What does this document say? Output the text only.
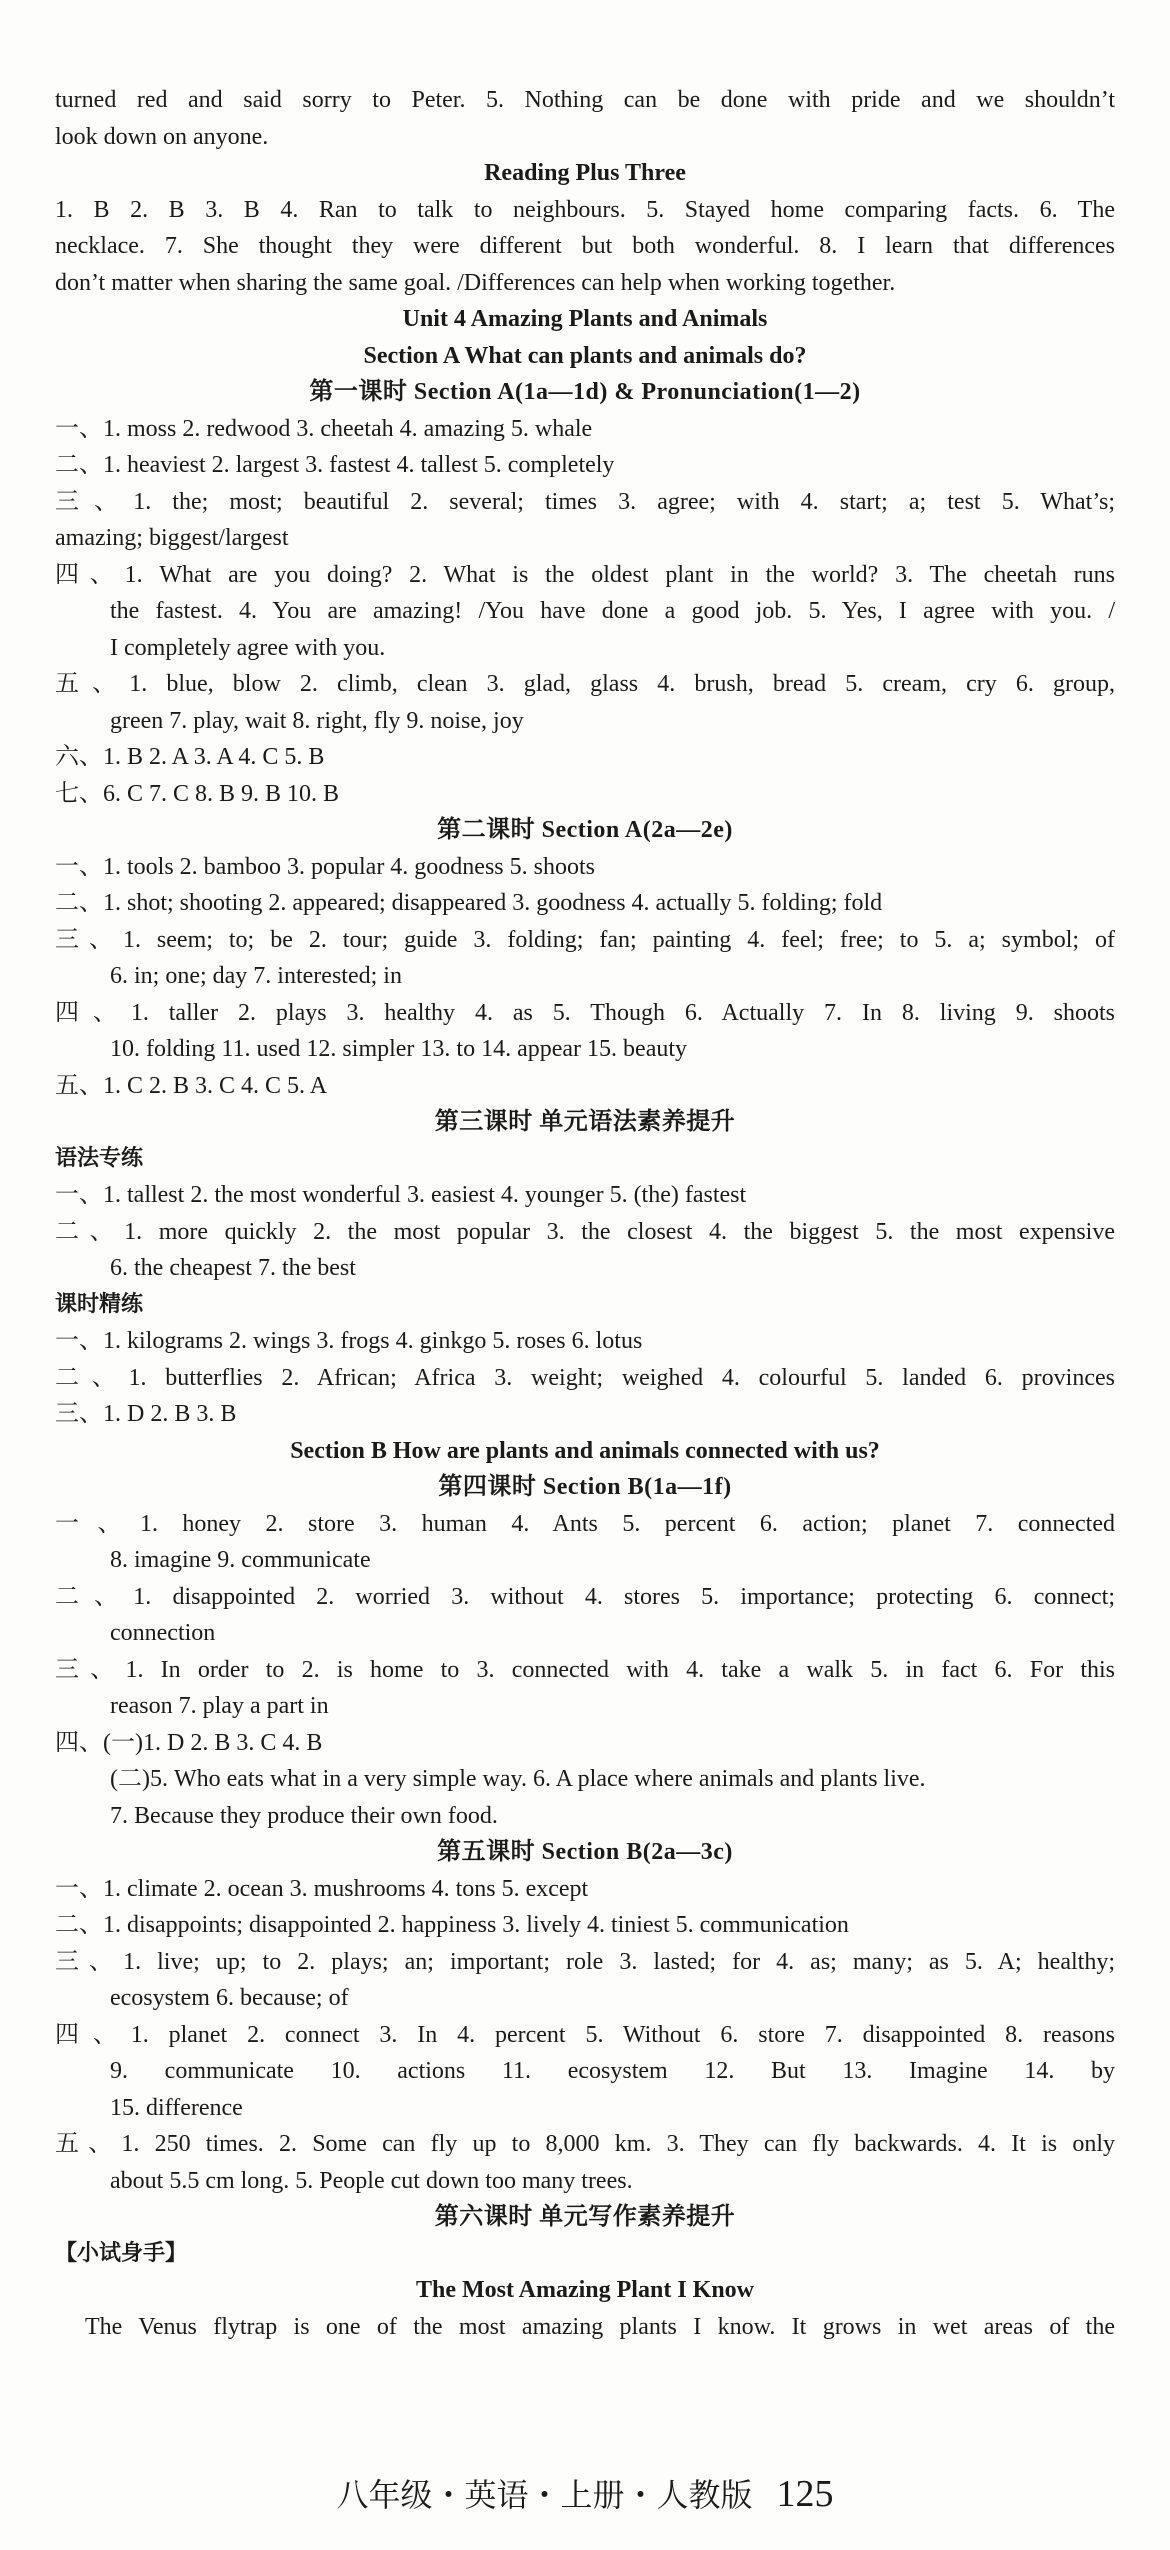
turned red and said sorry to Peter. 5. Nothing can be done with pride and we shouldn’t
look down on anyone.
Reading Plus Three
1. B 2. B 3. B 4. Ran to talk to neighbours. 5. Stayed home comparing facts. 6. The
necklace. 7. She thought they were different but both wonderful. 8. I learn that differences
don’t matter when sharing the same goal. /Differences can help when working together.
Unit 4 Amazing Plants and Animals
Section A What can plants and animals do?
第一课时 Section A(1a—1d) & Pronunciation(1—2)
一、1. moss 2. redwood 3. cheetah 4. amazing 5. whale
二、1. heaviest 2. largest 3. fastest 4. tallest 5. completely
三、1. the; most; beautiful 2. several; times 3. agree; with 4. start; a; test 5. What’s;
amazing; biggest/largest
四、1. What are you doing? 2. What is the oldest plant in the world? 3. The cheetah runs
the fastest. 4. You are amazing! /You have done a good job. 5. Yes, I agree with you. /
I completely agree with you.
五、1. blue, blow 2. climb, clean 3. glad, glass 4. brush, bread 5. cream, cry 6. group,
green 7. play, wait 8. right, fly 9. noise, joy
六、1. B 2. A 3. A 4. C 5. B
七、6. C 7. C 8. B 9. B 10. B
第二课时 Section A(2a—2e)
一、1. tools 2. bamboo 3. popular 4. goodness 5. shoots
二、1. shot; shooting 2. appeared; disappeared 3. goodness 4. actually 5. folding; fold
三、1. seem; to; be 2. tour; guide 3. folding; fan; painting 4. feel; free; to 5. a; symbol; of
6. in; one; day 7. interested; in
四、1. taller 2. plays 3. healthy 4. as 5. Though 6. Actually 7. In 8. living 9. shoots
10. folding 11. used 12. simpler 13. to 14. appear 15. beauty
五、1. C 2. B 3. C 4. C 5. A
第三课时 单元语法素养提升
语法专练
一、1. tallest 2. the most wonderful 3. easiest 4. younger 5. (the) fastest
二、1. more quickly 2. the most popular 3. the closest 4. the biggest 5. the most expensive
6. the cheapest 7. the best
课时精练
一、1. kilograms 2. wings 3. frogs 4. ginkgo 5. roses 6. lotus
二、1. butterflies 2. African; Africa 3. weight; weighed 4. colourful 5. landed 6. provinces
三、1. D 2. B 3. B
Section B How are plants and animals connected with us?
第四课时 Section B(1a—1f)
一、1. honey 2. store 3. human 4. Ants 5. percent 6. action; planet 7. connected
8. imagine 9. communicate
二、1. disappointed 2. worried 3. without 4. stores 5. importance; protecting 6. connect;
connection
三、1. In order to 2. is home to 3. connected with 4. take a walk 5. in fact 6. For this
reason 7. play a part in
四、(一)1. D 2. B 3. C 4. B
(二)5. Who eats what in a very simple way. 6. A place where animals and plants live.
7. Because they produce their own food.
第五课时 Section B(2a—3c)
一、1. climate 2. ocean 3. mushrooms 4. tons 5. except
二、1. disappoints; disappointed 2. happiness 3. lively 4. tiniest 5. communication
三、1. live; up; to 2. plays; an; important; role 3. lasted; for 4. as; many; as 5. A; healthy;
ecosystem 6. because; of
四、1. planet 2. connect 3. In 4. percent 5. Without 6. store 7. disappointed 8. reasons
9. communicate 10. actions 11. ecosystem 12. But 13. Imagine 14. by
15. difference
五、1. 250 times. 2. Some can fly up to 8,000 km. 3. They can fly backwards. 4. It is only
about 5.5 cm long. 5. People cut down too many trees.
第六课时 单元写作素养提升
【小试身手】
The Most Amazing Plant I Know
The Venus flytrap is one of the most amazing plants I know. It grows in wet areas of the
八年级・英语・上册・人教版 125
